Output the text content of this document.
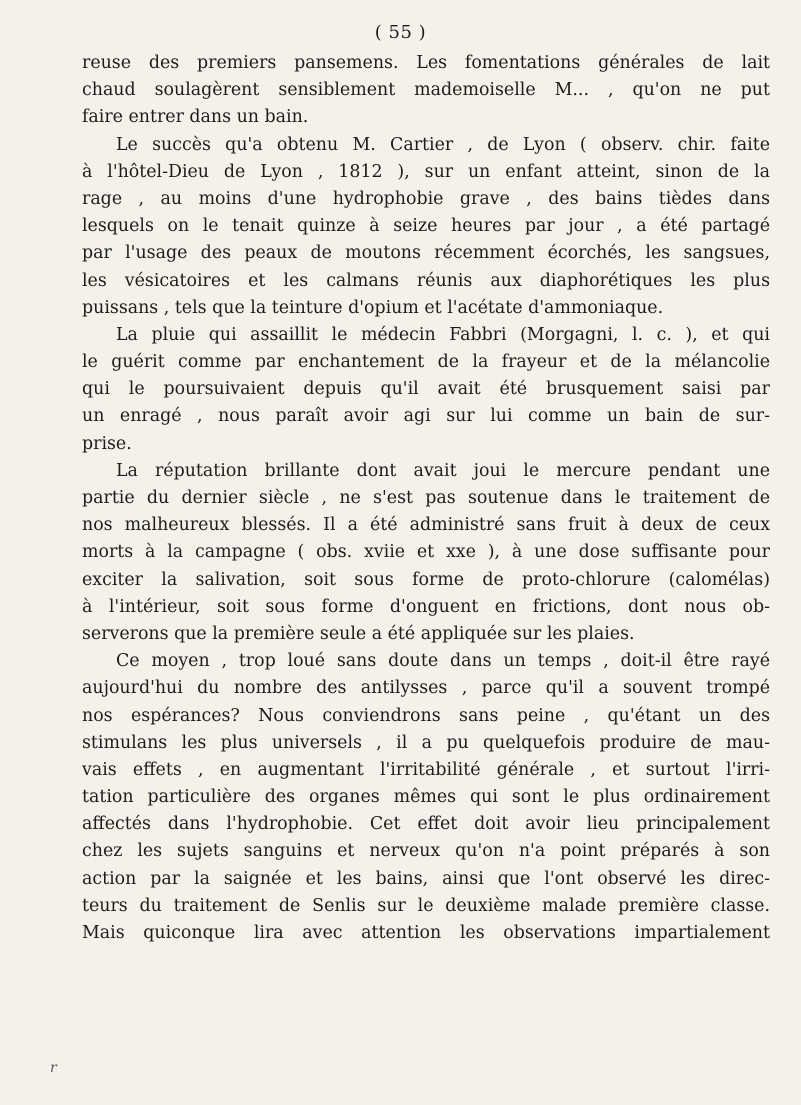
( 55 )
reuse des premiers pansemens. Les fomentations générales de lait
chaud soulagèrent sensiblement mademoiselle M... , qu'on ne put
faire entrer dans un bain.
Le succès qu'a obtenu M. Cartier , de Lyon ( observ. chir. faite
à l'hôtel-Dieu de Lyon , 1812 ), sur un enfant atteint, sinon de la
rage , au moins d'une hydrophobie grave , des bains tièdes dans
lesquels on le tenait quinze à seize heures par jour , a été partagé
par l'usage des peaux de moutons récemment écorchés, les sangsues,
les vésicatoires et les calmans réunis aux diaphorétiques les plus
puissans , tels que la teinture d'opium et l'acétate d'ammoniaque.
La pluie qui assaillit le médecin Fabbri (Morgagni, l. c. ), et qui
le guérit comme par enchantement de la frayeur et de la mélancolie
qui le poursuivaient depuis qu'il avait été brusquement saisi par
un enragé , nous paraît avoir agi sur lui comme un bain de sur-
prise.
La réputation brillante dont avait joui le mercure pendant une
partie du dernier siècle , ne s'est pas soutenue dans le traitement de
nos malheureux blessés. Il a été administré sans fruit à deux de ceux
morts à la campagne ( obs. xviie et xxe ), à une dose suffisante pour
exciter la salivation, soit sous forme de proto-chlorure (calomélas)
à l'intérieur, soit sous forme d'onguent en frictions, dont nous ob-
serverons que la première seule a été appliquée sur les plaies.
Ce moyen , trop loué sans doute dans un temps , doit-il être rayé
aujourd'hui du nombre des antilysses , parce qu'il a souvent trompé
nos espérances? Nous conviendrons sans peine , qu'étant un des
stimulans les plus universels , il a pu quelquefois produire de mau-
vais effets , en augmentant l'irritabilité générale , et surtout l'irri-
tation particulière des organes mêmes qui sont le plus ordinairement
affectés dans l'hydrophobie. Cet effet doit avoir lieu principalement
chez les sujets sanguins et nerveux qu'on n'a point préparés à son
action par la saignée et les bains, ainsi que l'ont observé les direc-
teurs du traitement de Senlis sur le deuxième malade première classe.
Mais quiconque lira avec attention les observations impartialement
r
